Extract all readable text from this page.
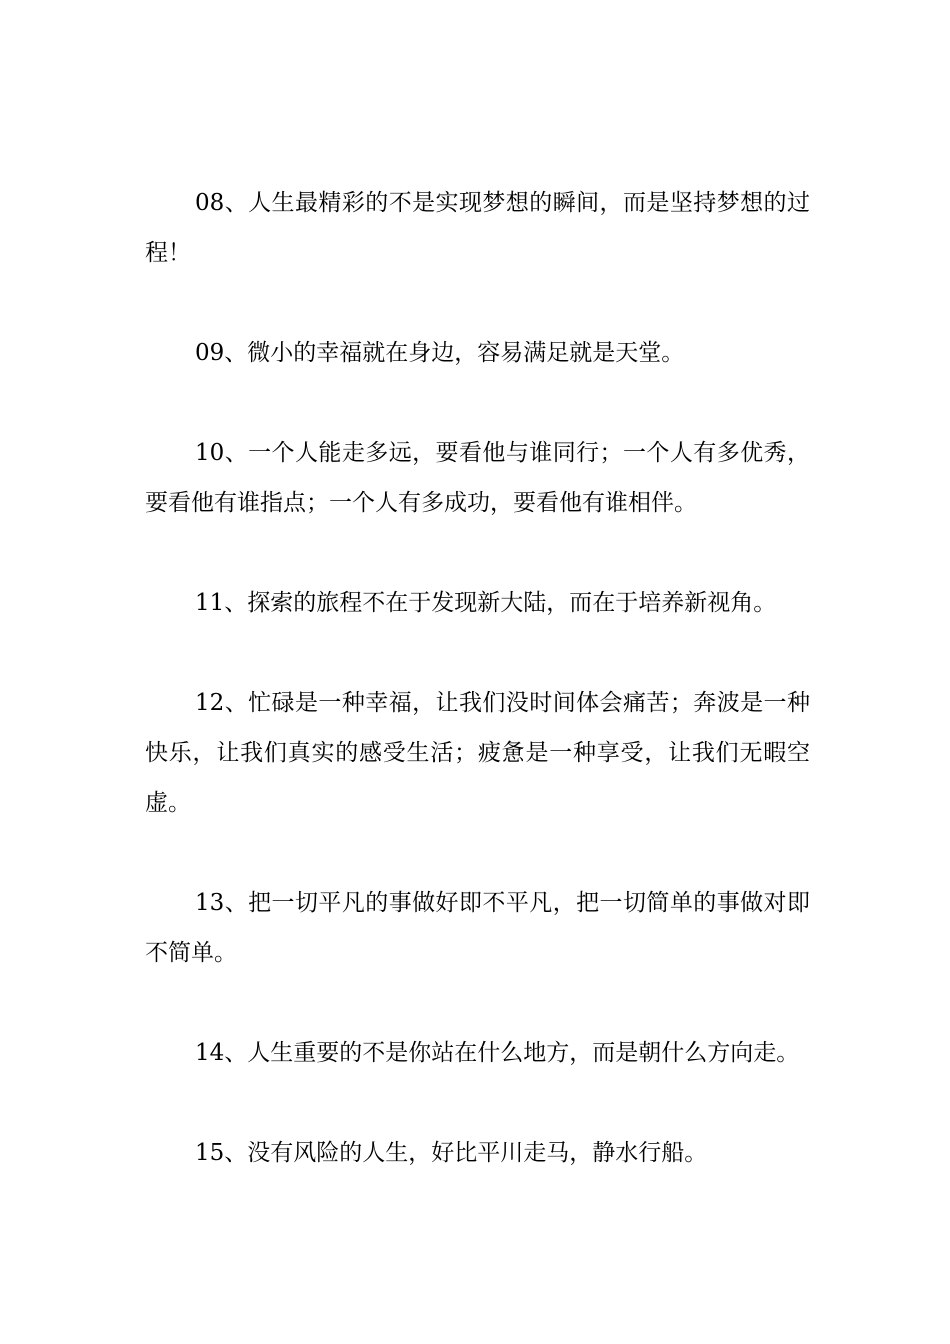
08、人生最精彩的不是实现梦想的瞬间，而是坚持梦想的过程！

09、微小的幸福就在身边，容易满足就是天堂。

10、一个人能走多远，要看他与谁同行；一个人有多优秀，要看他有谁指点；一个人有多成功，要看他有谁相伴。

11、探索的旅程不在于发现新大陆，而在于培养新视角。

12、忙碌是一种幸福，让我们没时间体会痛苦；奔波是一种快乐，让我们真实的感受生活；疲惫是一种享受，让我们无暇空虚。

13、把一切平凡的事做好即不平凡，把一切简单的事做对即不简单。

14、人生重要的不是你站在什么地方，而是朝什么方向走。

15、没有风险的人生，好比平川走马，静水行船。
